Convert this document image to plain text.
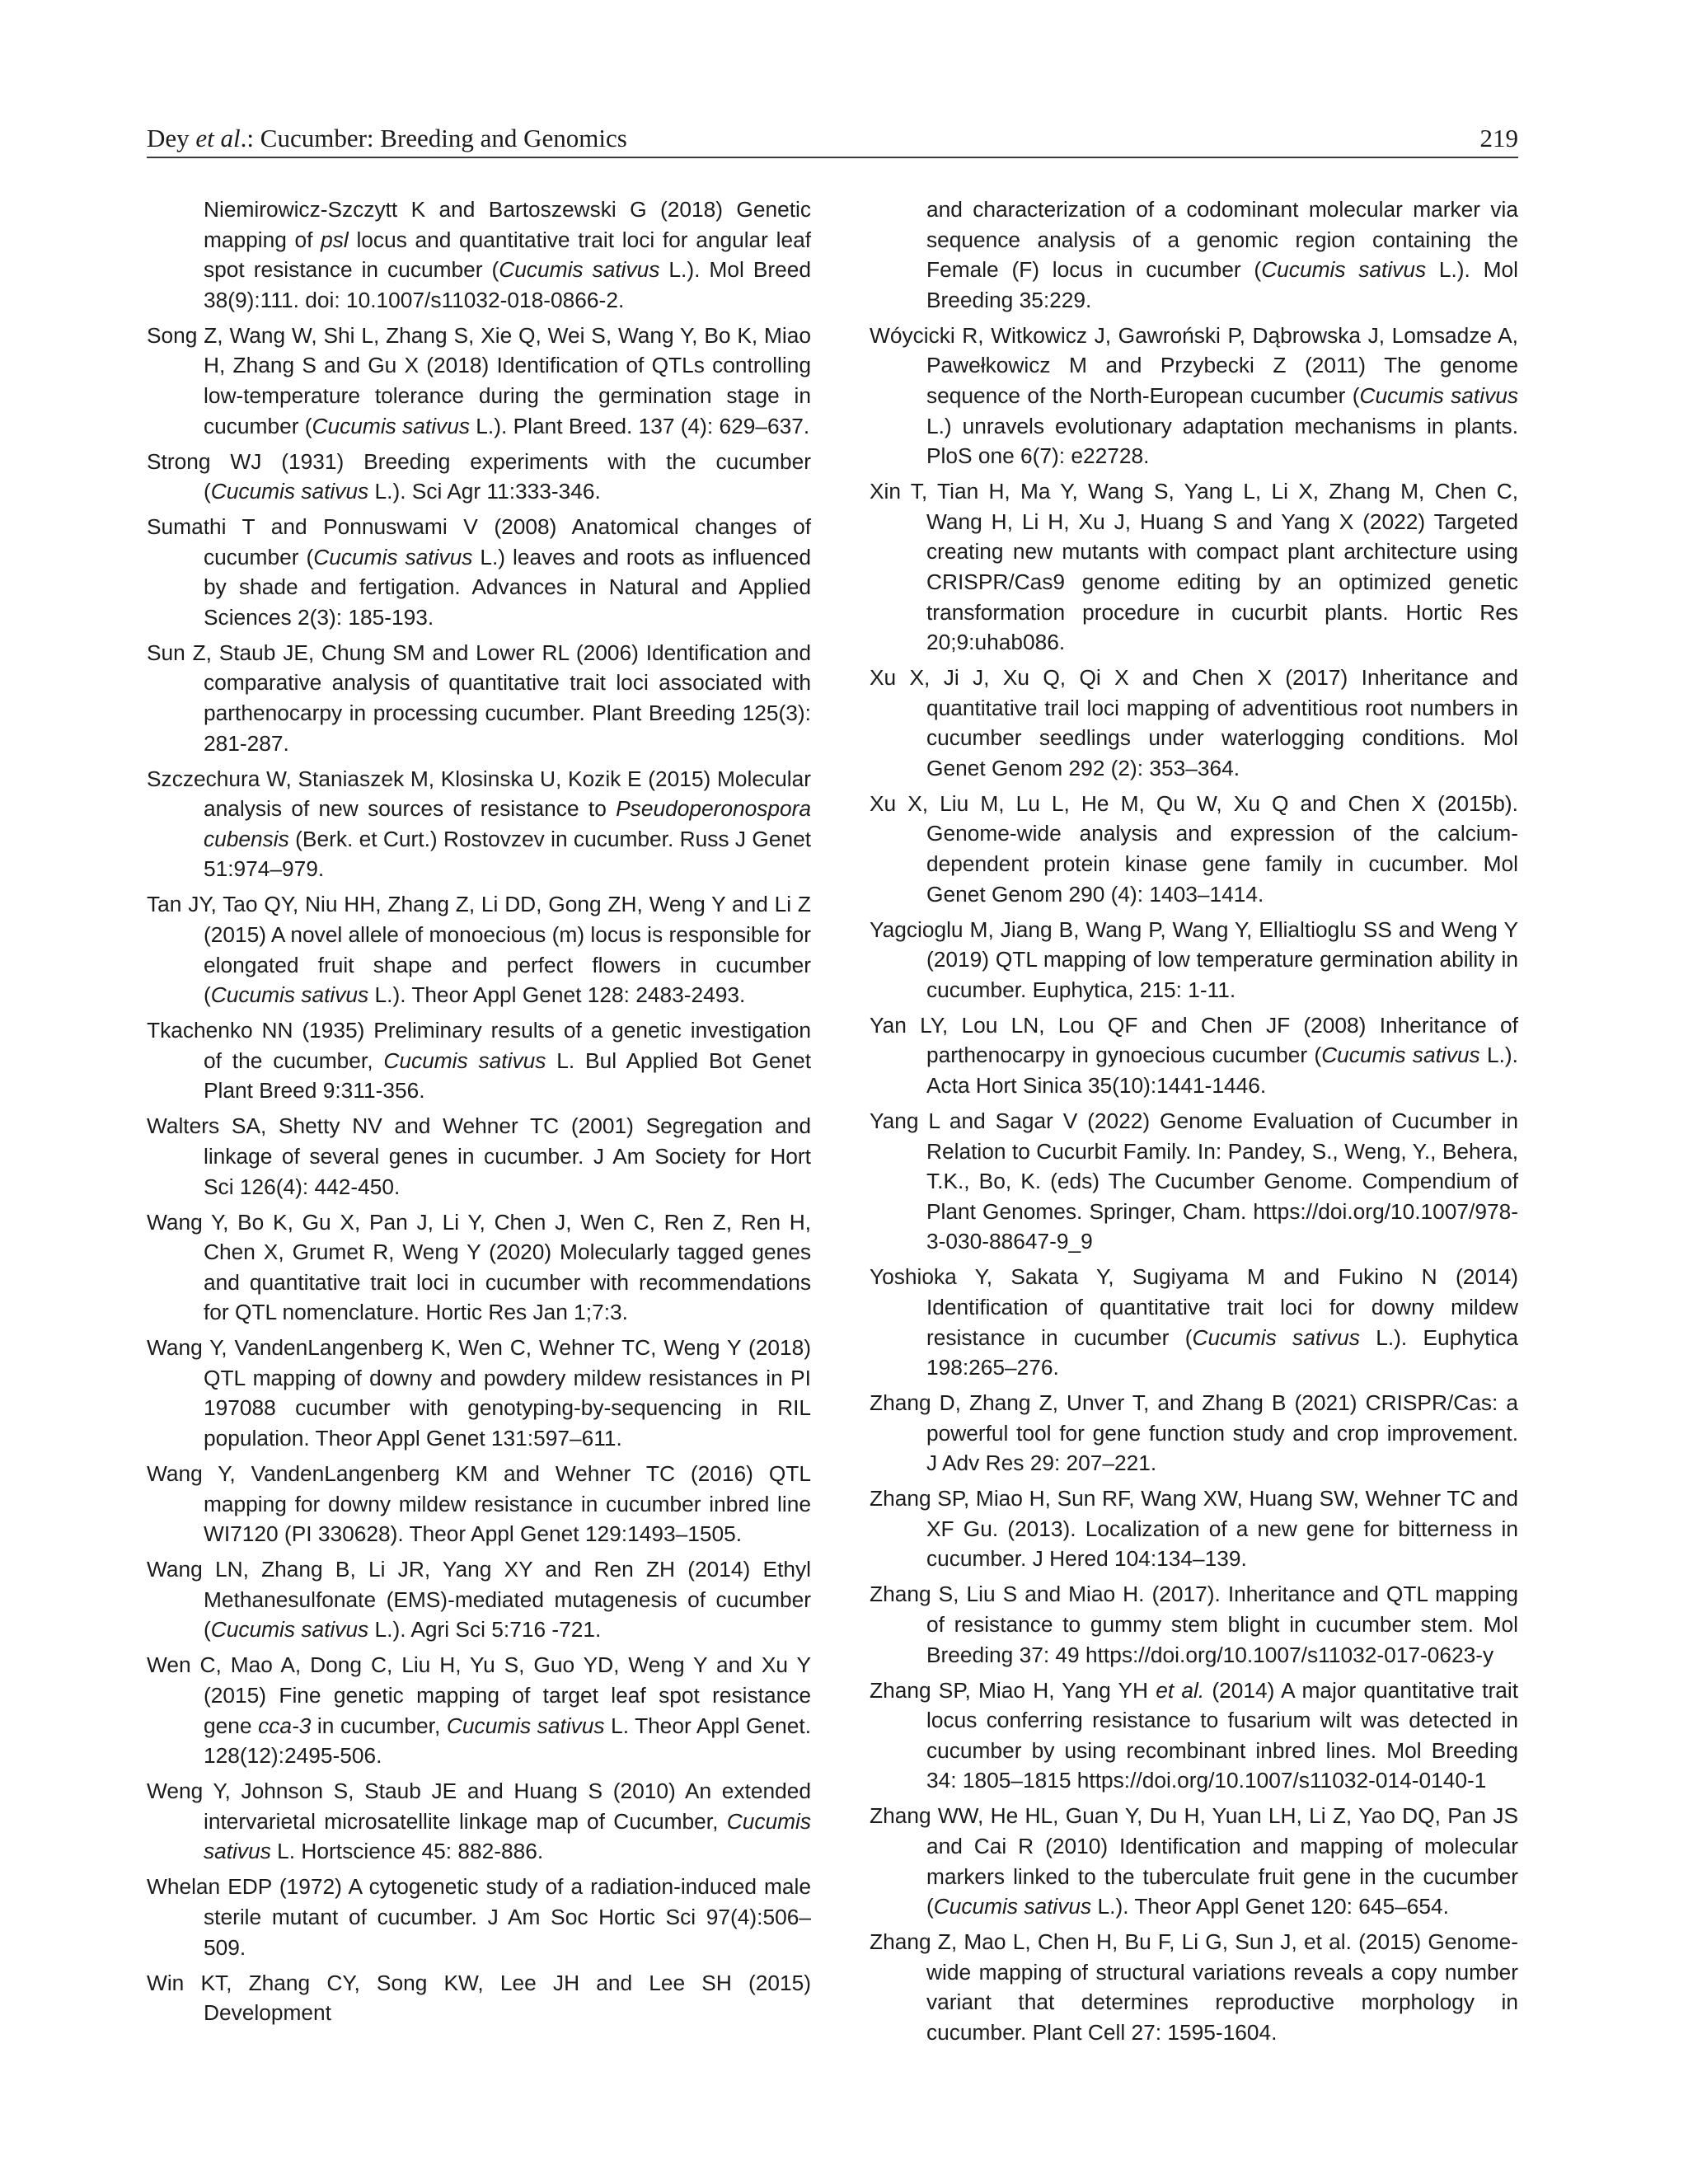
Dey et al.: Cucumber: Breeding and Genomics	219

Niemirowicz-Szczytt K and Bartoszewski G (2018) Genetic mapping of psl locus and quantitative trait loci for angular leaf spot resistance in cucumber (Cucumis sativus L.). Mol Breed 38(9):111. doi: 10.1007/s11032-018-0866-2.

Song Z, Wang W, Shi L, Zhang S, Xie Q, Wei S, Wang Y, Bo K, Miao H, Zhang S and Gu X (2018) Identification of QTLs controlling low-temperature tolerance during the germination stage in cucumber (Cucumis sativus L.). Plant Breed. 137 (4): 629–637.

Strong WJ (1931) Breeding experiments with the cucumber (Cucumis sativus L.). Sci Agr 11:333-346.

Sumathi T and Ponnuswami V (2008) Anatomical changes of cucumber (Cucumis sativus L.) leaves and roots as influenced by shade and fertigation. Advances in Natural and Applied Sciences 2(3): 185-193.

Sun Z, Staub JE, Chung SM and Lower RL (2006) Identification and comparative analysis of quantitative trait loci associated with parthenocarpy in processing cucumber. Plant Breeding 125(3): 281-287.

Szczechura W, Staniaszek M, Klosinska U, Kozik E (2015) Molecular analysis of new sources of resistance to Pseudoperonospora cubensis (Berk. et Curt.) Rostovzev in cucumber. Russ J Genet 51:974–979.

Tan JY, Tao QY, Niu HH, Zhang Z, Li DD, Gong ZH, Weng Y and Li Z (2015) A novel allele of monoecious (m) locus is responsible for elongated fruit shape and perfect flowers in cucumber (Cucumis sativus L.). Theor Appl Genet 128: 2483-2493.

Tkachenko NN (1935) Preliminary results of a genetic investigation of the cucumber, Cucumis sativus L. Bul Applied Bot Genet Plant Breed 9:311-356.

Walters SA, Shetty NV and Wehner TC (2001) Segregation and linkage of several genes in cucumber. J Am Society for Hort Sci 126(4): 442-450.

Wang Y, Bo K, Gu X, Pan J, Li Y, Chen J, Wen C, Ren Z, Ren H, Chen X, Grumet R, Weng Y (2020) Molecularly tagged genes and quantitative trait loci in cucumber with recommendations for QTL nomenclature. Hortic Res Jan 1;7:3.

Wang Y, VandenLangenberg K, Wen C, Wehner TC, Weng Y (2018) QTL mapping of downy and powdery mildew resistances in PI 197088 cucumber with genotyping-by-sequencing in RIL population. Theor Appl Genet 131:597–611.

Wang Y, VandenLangenberg KM and Wehner TC (2016) QTL mapping for downy mildew resistance in cucumber inbred line WI7120 (PI 330628). Theor Appl Genet 129:1493–1505.

Wang LN, Zhang B, Li JR, Yang XY and Ren ZH (2014) Ethyl Methanesulfonate (EMS)-mediated mutagenesis of cucumber (Cucumis sativus L.). Agri Sci 5:716 -721.

Wen C, Mao A, Dong C, Liu H, Yu S, Guo YD, Weng Y and Xu Y (2015) Fine genetic mapping of target leaf spot resistance gene cca-3 in cucumber, Cucumis sativus L. Theor Appl Genet. 128(12):2495-506.

Weng Y, Johnson S, Staub JE and Huang S (2010) An extended intervarietal microsatellite linkage map of Cucumber, Cucumis sativus L. Hortscience 45: 882-886.

Whelan EDP (1972) A cytogenetic study of a radiation-induced male sterile mutant of cucumber. J Am Soc Hortic Sci 97(4):506–509.

Win KT, Zhang CY, Song KW, Lee JH and Lee SH (2015) Development

and characterization of a codominant molecular marker via sequence analysis of a genomic region containing the Female (F) locus in cucumber (Cucumis sativus L.). Mol Breeding 35:229.

Wóycicki R, Witkowicz J, Gawroński P, Dąbrowska J, Lomsadze A, Pawełkowicz M and Przybecki Z (2011) The genome sequence of the North-European cucumber (Cucumis sativus L.) unravels evolutionary adaptation mechanisms in plants. PloS one 6(7): e22728.

Xin T, Tian H, Ma Y, Wang S, Yang L, Li X, Zhang M, Chen C, Wang H, Li H, Xu J, Huang S and Yang X (2022) Targeted creating new mutants with compact plant architecture using CRISPR/Cas9 genome editing by an optimized genetic transformation procedure in cucurbit plants. Hortic Res 20;9:uhab086.

Xu X, Ji J, Xu Q, Qi X and Chen X (2017) Inheritance and quantitative trail loci mapping of adventitious root numbers in cucumber seedlings under waterlogging conditions. Mol Genet Genom 292 (2): 353–364.

Xu X, Liu M, Lu L, He M, Qu W, Xu Q and Chen X (2015b). Genome-wide analysis and expression of the calcium-dependent protein kinase gene family in cucumber. Mol Genet Genom 290 (4): 1403–1414.

Yagcioglu M, Jiang B, Wang P, Wang Y, Ellialtioglu SS and Weng Y (2019) QTL mapping of low temperature germination ability in cucumber. Euphytica, 215: 1-11.

Yan LY, Lou LN, Lou QF and Chen JF (2008) Inheritance of parthenocarpy in gynoecious cucumber (Cucumis sativus L.). Acta Hort Sinica 35(10):1441-1446.

Yang L and Sagar V (2022) Genome Evaluation of Cucumber in Relation to Cucurbit Family. In: Pandey, S., Weng, Y., Behera, T.K., Bo, K. (eds) The Cucumber Genome. Compendium of Plant Genomes. Springer, Cham. https://doi.org/10.1007/978-3-030-88647-9_9

Yoshioka Y, Sakata Y, Sugiyama M and Fukino N (2014) Identification of quantitative trait loci for downy mildew resistance in cucumber (Cucumis sativus L.). Euphytica 198:265–276.

Zhang D, Zhang Z, Unver T, and Zhang B (2021) CRISPR/Cas: a powerful tool for gene function study and crop improvement. J Adv Res 29: 207–221.

Zhang SP, Miao H, Sun RF, Wang XW, Huang SW, Wehner TC and XF Gu. (2013). Localization of a new gene for bitterness in cucumber. J Hered 104:134–139.

Zhang S, Liu S and Miao H. (2017). Inheritance and QTL mapping of resistance to gummy stem blight in cucumber stem. Mol Breeding 37: 49 https://doi.org/10.1007/s11032-017-0623-y

Zhang SP, Miao H, Yang YH et al. (2014) A major quantitative trait locus conferring resistance to fusarium wilt was detected in cucumber by using recombinant inbred lines. Mol Breeding 34: 1805–1815 https://doi.org/10.1007/s11032-014-0140-1

Zhang WW, He HL, Guan Y, Du H, Yuan LH, Li Z, Yao DQ, Pan JS and Cai R (2010) Identification and mapping of molecular markers linked to the tuberculate fruit gene in the cucumber (Cucumis sativus L.). Theor Appl Genet 120: 645–654.

Zhang Z, Mao L, Chen H, Bu F, Li G, Sun J, et al. (2015) Genome-wide mapping of structural variations reveals a copy number variant that determines reproductive morphology in cucumber. Plant Cell 27: 1595-1604.
